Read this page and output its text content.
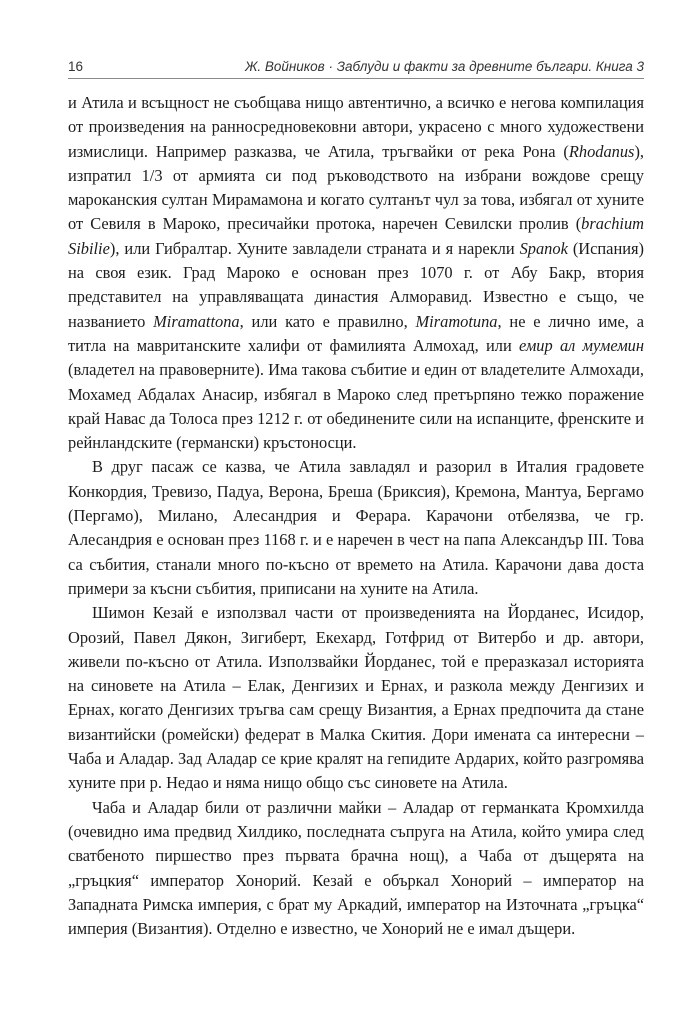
16	Ж. Войников · Заблуди и факти за древните българи. Книга 3

и Атила и всъщност не съобщава нищо автентично, а всичко е негова компилация от произведения на ранносредновековни автори, украсено с много художествени измислици. Например разказва, че Атила, тръгвайки от река Рона (Rhodanus), изпратил 1/3 от армията си под ръководството на избрани вождове срещу мароканския султан Мирамамона и когато султанът чул за това, избягал от хуните от Севиля в Мароко, пресичайки протока, наречен Севилски пролив (brachium Sibilie), или Гибралтар. Хуните завладели страната и я нарекли Spanok (Испания) на своя език. Град Мароко е основан през 1070 г. от Абу Бакр, втория представител на управляващата династия Алморавид. Известно е също, че названието Miramattona, или като е правилно, Miramotuna, не е лично име, а титла на мавританските халифи от фамилията Алмохад, или емир ал мумемин (владетел на правоверните). Има такова събитие и един от владетелите Алмохади, Мохамед Абдалах Анасир, избягал в Мароко след претърпяно тежко поражение край Навас да Толоса през 1212 г. от обединените сили на испанците, френските и рейнландските (германски) кръстоносци.

В друг пасаж се казва, че Атила завладял и разорил в Италия градовете Конкордия, Тревизо, Падуа, Верона, Бреша (Бриксия), Кремона, Мантуа, Бергамо (Пергамо), Милано, Алесандрия и Ферара. Карачони отбелязва, че гр. Алесандрия е основан през 1168 г. и е наречен в чест на папа Александър III. Това са събития, станали много по-късно от времето на Атила. Карачони дава доста примери за късни събития, приписани на хуните на Атила.

Шимон Кезай е използвал части от произведенията на Йорданес, Исидор, Орозий, Павел Дякон, Зигиберт, Екехард, Готфрид от Витербо и др. автори, живели по-късно от Атила. Използвайки Йорданес, той е преразказал историята на синовете на Атила – Елак, Денгизих и Ернах, и разкола между Денгизих и Ернах, когато Денгизих тръгва сам срещу Византия, а Ернах предпочита да стане византийски (ромейски) федерат в Малка Скития. Дори имената са интересни – Чаба и Аладар. Зад Аладар се крие кралят на гепидите Ардарих, който разгромява хуните при р. Недао и няма нищо общо със синовете на Атила.

Чаба и Аладар били от различни майки – Аладар от германката Кромхилда (очевидно има предвид Хилдико, последната съпруга на Атила, който умира след сватбеното пиршество през първата брачна нощ), а Чаба от дъщерята на „гръцкия“ император Хонорий. Кезай е объркал Хонорий – император на Западната Римска империя, с брат му Аркадий, император на Източната „гръцка“ империя (Византия). Отделно е известно, че Хонорий не е имал дъщери.
